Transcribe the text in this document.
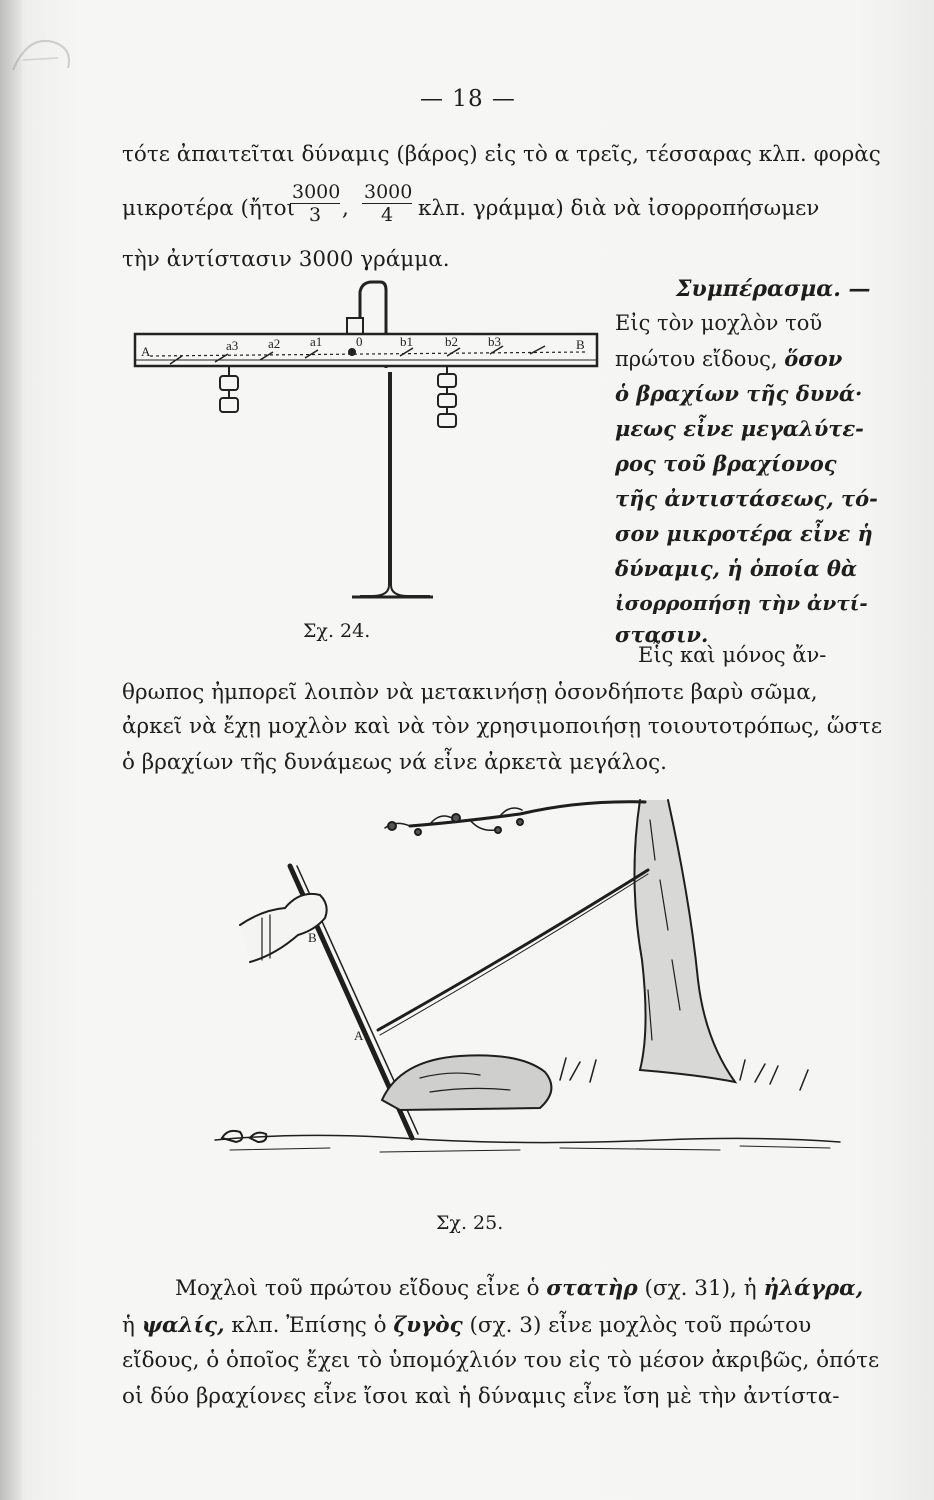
— 18 —
τότε ἀπαιτεῖται δύναμις (βάρος) εἰς τὸ α τρεῖς, τέσσαρας κλπ. φορὰς
μικροτέρα (ἤτοι
$\frac{3000}{3}$ , $\frac{3000}{4} \kappa\lambda\pi$. γράμμα) διὰ νὰ ἰσορροπήσωμεν
τὴν ἀντίστασιν 3000 γράμμα.
Συμπέρασμα. —
Εἰς τὸν μοχλὸν τοῦ
πρώτου εἴδους, ὅσον
ὁ βραχίων τῆς δυνά·
μεως εἶνε μεγαλύτε-
ρος τοῦ βραχίονος
τῆς ἀντιστάσεως, τό-
σον μικροτέρα εἶνε ἡ
δύναμις, ἡ ὁποία θὰ
ἰσορροπήσῃ τὴν ἀντί-
στασιν.
Εἷς καὶ μόνος ἄν-
A	a3 a2 a1	0	b1 b2 b3	B
Σχ. 24.
θρωπος ἠμπορεῖ λοιπὸν νὰ μετακινήσῃ ὁσονδήποτε βαρὺ σῶμα,
ἀρκεῖ νὰ ἔχῃ μοχλὸν καὶ νὰ τὸν χρησιμοποιήσῃ τοιουτοτρόπως, ὥστε
ὁ βραχίων τῆς δυνάμεως νά εἶνε ἀρκετὰ μεγάλος.
B
A
Σχ. 25.
Μοχλοὶ τοῦ πρώτου εἴδους εἶνε ὁ στατὴρ (σχ. 31), ἡ ἠλάγρα,
ἡ ψαλίς, κλπ. Ἐπίσης ὁ ζυγὸς (σχ. 3) εἶνε μοχλὸς τοῦ πρώτου
εἴδους, ὁ ὁποῖος ἔχει τὸ ὑπομόχλιόν του εἰς τὸ μέσον ἀκριβῶς, ὁπότε
οἱ δύο βραχίονες εἶνε ἴσοι καὶ ἡ δύναμις εἶνε ἴση μὲ τὴν ἀντίστα-
